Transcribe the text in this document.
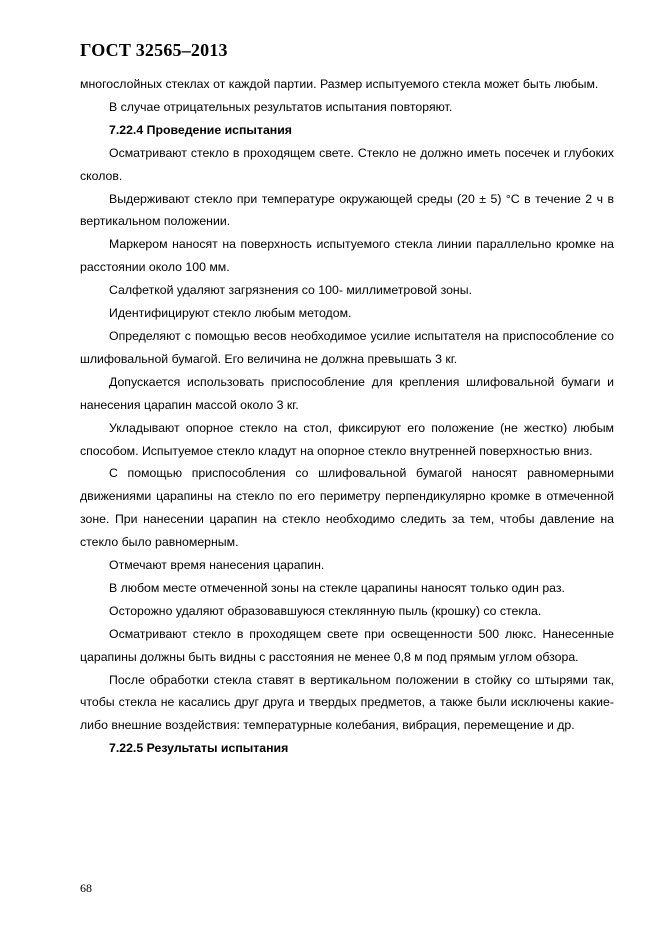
ГОСТ 32565–2013

многослойных стеклах от каждой партии. Размер испытуемого стекла может быть любым.

В случае отрицательных результатов испытания повторяют.

7.22.4 Проведение испытания

Осматривают стекло в проходящем свете. Стекло не должно иметь посечек и глубоких сколов.

Выдерживают стекло при температуре окружающей среды (20 ± 5) °С в течение 2 ч в вертикальном положении.

Маркером наносят на поверхность испытуемого стекла линии параллельно кромке на расстоянии около 100 мм.

Салфеткой удаляют загрязнения со 100- миллиметровой зоны.

Идентифицируют стекло любым методом.

Определяют с помощью весов необходимое усилие испытателя на приспособление со шлифовальной бумагой. Его величина не должна превышать 3 кг.

Допускается использовать приспособление для крепления шлифовальной бумаги и нанесения царапин массой около 3 кг.

Укладывают опорное стекло на стол, фиксируют его положение (не жестко) любым способом. Испытуемое стекло кладут на опорное стекло внутренней поверхностью вниз.

С помощью приспособления со шлифовальной бумагой наносят равномерными движениями царапины на стекло по его периметру перпендикулярно кромке в отмеченной зоне. При нанесении царапин на стекло необходимо следить за тем, чтобы давление на стекло было равномерным.

Отмечают время нанесения царапин.

В любом месте отмеченной зоны на стекле царапины наносят только один раз.

Осторожно удаляют образовавшуюся стеклянную пыль (крошку) со стекла.

Осматривают стекло в проходящем свете при освещенности 500 люкс. Нанесенные царапины должны быть видны с расстояния не менее 0,8 м под прямым углом обзора.

После обработки стекла ставят в вертикальном положении в стойку со штырями так, чтобы стекла не касались друг друга и твердых предметов, а также были исключены какие-либо внешние воздействия: температурные колебания, вибрация, перемещение и др.

7.22.5 Результаты испытания

68
